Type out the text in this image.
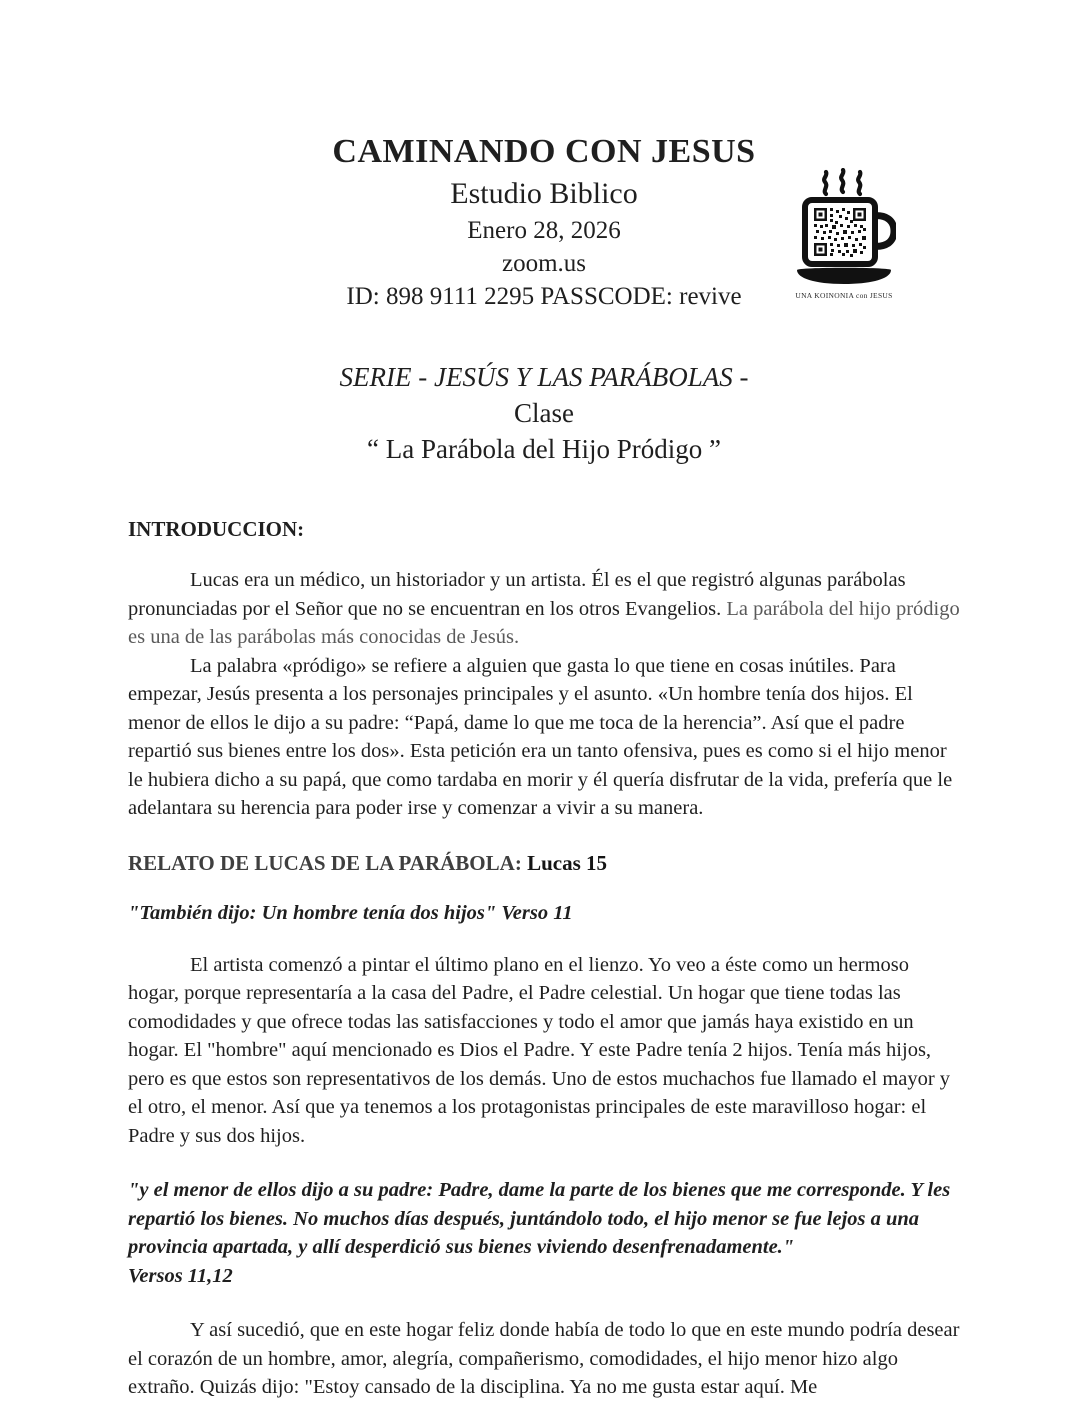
CAMINANDO CON JESUS
Estudio Biblico
Enero 28, 2026
zoom.us
ID: 898 9111 2295 PASSCODE: revive	UNA KOINONIA con JESUS
SERIE - JESÚS Y LAS PARÁBOLAS -
Clase
“ La Parábola del Hijo Pródigo ”

INTRODUCCION:

Lucas era un médico, un historiador y un artista. Él es el que registró algunas parábolas pronunciadas por el Señor que no se encuentran en los otros Evangelios. La parábola del hijo pródigo es una de las parábolas más conocidas de Jesús.

La palabra «pródigo» se refiere a alguien que gasta lo que tiene en cosas inútiles. Para empezar, Jesús presenta a los personajes principales y el asunto. «Un hombre tenía dos hijos. El menor de ellos le dijo a su padre: “Papá, dame lo que me toca de la herencia”. Así que el padre repartió sus bienes entre los dos». Esta petición era un tanto ofensiva, pues es como si el hijo menor le hubiera dicho a su papá, que como tardaba en morir y él quería disfrutar de la vida, prefería que le adelantara su herencia para poder irse y comenzar a vivir a su manera.

RELATO DE LUCAS DE LA PARÁBOLA: Lucas 15

"También dijo: Un hombre tenía dos hijos" Verso 11

El artista comenzó a pintar el último plano en el lienzo. Yo veo a éste como un hermoso hogar, porque representaría a la casa del Padre, el Padre celestial. Un hogar que tiene todas las comodidades y que ofrece todas las satisfacciones y todo el amor que jamás haya existido en un hogar. El "hombre" aquí mencionado es Dios el Padre. Y este Padre tenía 2 hijos. Tenía más hijos, pero es que estos son representativos de los demás. Uno de estos muchachos fue llamado el mayor y el otro, el menor. Así que ya tenemos a los protagonistas principales de este maravilloso hogar: el Padre y sus dos hijos.

"y el menor de ellos dijo a su padre: Padre, dame la parte de los bienes que me corresponde. Y les repartió los bienes. No muchos días después, juntándolo todo, el hijo menor se fue lejos a una provincia apartada, y allí desperdició sus bienes viviendo desenfrenadamente."
Versos 11,12

Y así sucedió, que en este hogar feliz donde había de todo lo que en este mundo podría desear el corazón de un hombre, amor, alegría, compañerismo, comodidades, el hijo menor hizo algo extraño. Quizás dijo: "Estoy cansado de la disciplina. Ya no me gusta estar aquí. Me
